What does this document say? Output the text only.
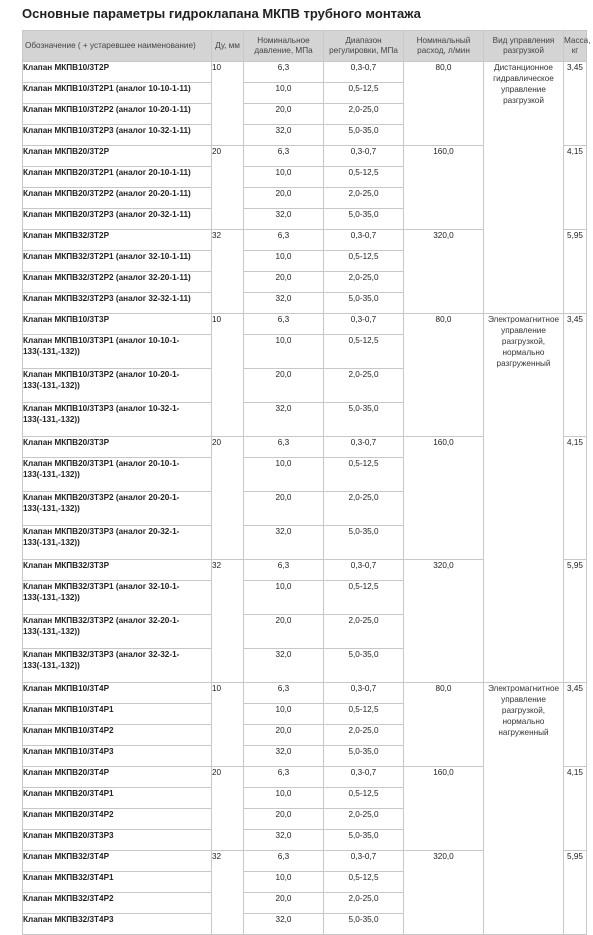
Основные параметры гидроклапана МКПВ трубного монтажа
Обозначение ( + устаревшее наименование)	Ду, мм	Номинальное давление, МПа	Диапазон регулировки, МПа	Номинальный расход, л/мин	Вид управления разгрузкой	Масса, кг
Клапан МКПВ10/3Т2Р	10	6,3	0,3-0,7	80,0	Дистанционное гидравлическое управление разгрузкой	3,45
Клапан МКПВ10/3Т2Р1 (аналог 10-10-1-11)		10,0	0,5-12,5			
Клапан МКПВ10/3Т2Р2 (аналог 10-20-1-11)		20,0	2,0-25,0			
Клапан МКПВ10/3Т2Р3 (аналог 10-32-1-11)		32,0	5,0-35,0			
Клапан МКПВ20/3Т2Р	20	6,3	0,3-0,7	160,0		4,15
Клапан МКПВ20/3Т2Р1 (аналог 20-10-1-11)		10,0	0,5-12,5			
Клапан МКПВ20/3Т2Р2 (аналог 20-20-1-11)		20,0	2,0-25,0			
Клапан МКПВ20/3Т2Р3 (аналог 20-32-1-11)		32,0	5,0-35,0			
Клапан МКПВ32/3Т2Р	32	6,3	0,3-0,7	320,0		5,95
Клапан МКПВ32/3Т2Р1 (аналог 32-10-1-11)		10,0	0,5-12,5			
Клапан МКПВ32/3Т2Р2 (аналог 32-20-1-11)		20,0	2,0-25,0			
Клапан МКПВ32/3Т2Р3 (аналог 32-32-1-11)		32,0	5,0-35,0			
Клапан МКПВ10/3Т3Р	10	6,3	0,3-0,7	80,0	Электромагнитное управление разгрузкой, нормально разгруженный	3,45
Клапан МКПВ10/3Т3Р1 (аналог 10-10-1-133(-131,-132))		10,0	0,5-12,5			
Клапан МКПВ10/3Т3Р2 (аналог 10-20-1-133(-131,-132))		20,0	2,0-25,0			
Клапан МКПВ10/3Т3Р3 (аналог 10-32-1-133(-131,-132))		32,0	5,0-35,0			
Клапан МКПВ20/3Т3Р	20	6,3	0,3-0,7	160,0		4,15
Клапан МКПВ20/3Т3Р1 (аналог 20-10-1-133(-131,-132))		10,0	0,5-12,5			
Клапан МКПВ20/3Т3Р2 (аналог 20-20-1-133(-131,-132))		20,0	2,0-25,0			
Клапан МКПВ20/3Т3Р3 (аналог 20-32-1-133(-131,-132))		32,0	5,0-35,0			
Клапан МКПВ32/3Т3Р	32	6,3	0,3-0,7	320,0		5,95
Клапан МКПВ32/3Т3Р1 (аналог 32-10-1-133(-131,-132))		10,0	0,5-12,5			
Клапан МКПВ32/3Т3Р2 (аналог 32-20-1-133(-131,-132))		20,0	2,0-25,0			
Клапан МКПВ32/3Т3Р3 (аналог 32-32-1-133(-131,-132))		32,0	5,0-35,0			
Клапан МКПВ10/3Т4Р	10	6,3	0,3-0,7	80,0	Электромагнитное управление разгрузкой, нормально нагруженный	3,45
Клапан МКПВ10/3Т4Р1		10,0	0,5-12,5			
Клапан МКПВ10/3Т4Р2		20,0	2,0-25,0			
Клапан МКПВ10/3Т4Р3		32,0	5,0-35,0			
Клапан МКПВ20/3Т4Р	20	6,3	0,3-0,7	160,0		4,15
Клапан МКПВ20/3Т4Р1		10,0	0,5-12,5			
Клапан МКПВ20/3Т4Р2		20,0	2,0-25,0			
Клапан МКПВ20/3Т3Р3		32,0	5,0-35,0			
Клапан МКПВ32/3Т4Р	32	6,3	0,3-0,7	320,0		5,95
Клапан МКПВ32/3Т4Р1		10,0	0,5-12,5			
Клапан МКПВ32/3Т4Р2		20,0	2,0-25,0			
Клапан МКПВ32/3Т4Р3		32,0	5,0-35,0			
